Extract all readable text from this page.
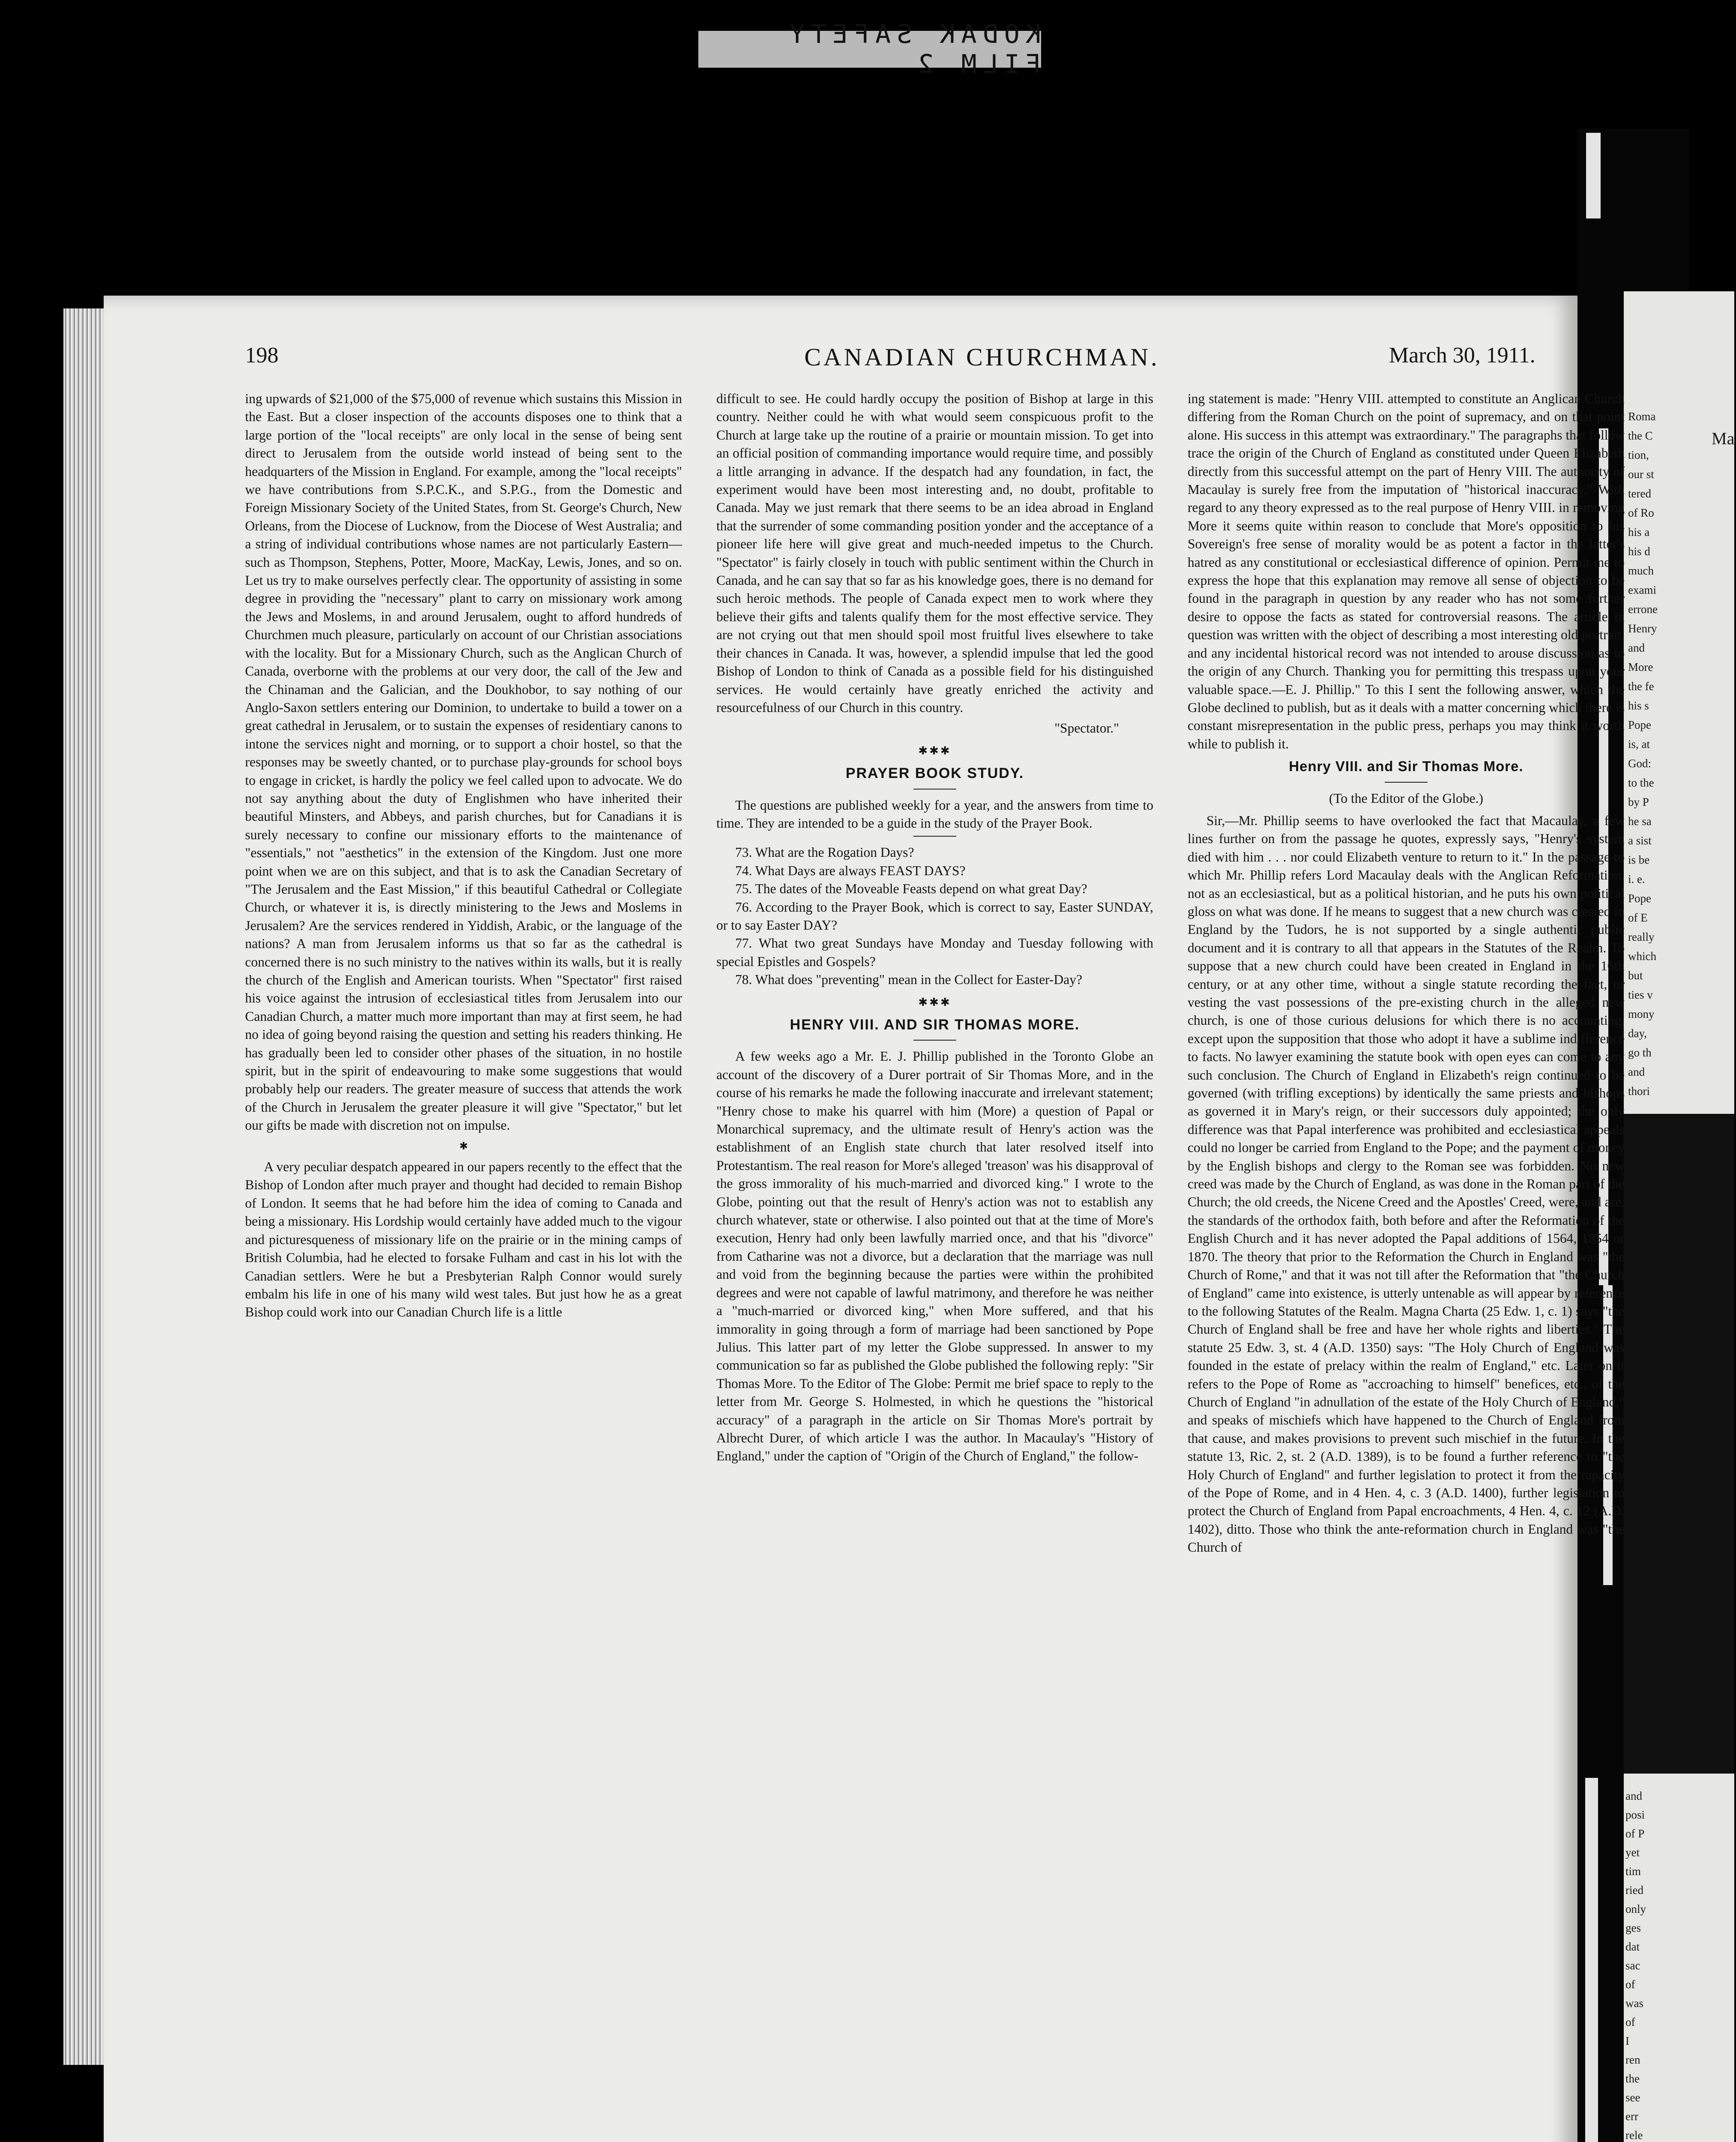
KODAK SAFETY FILM 2
Roma
the C
tion,
our st
tered
of Ro
his a
his d
much
exami
errone
Henry
and
More
the fe
his s
Pope
is, at
God:
to the
by P
he sa
a sist
is be
i. e.
Pope
of E
really
which
but
ties v
mony
day,
go th
and
thori
and
posi
of P
yet
tim
ried
only
ges
dat
sac
of
was
of
I
ren
the
see
err
rele
Ma
198	CANADIAN CHURCHMAN.	March 30, 1911.

ing upwards of $21,000 of the $75,000 of revenue which sustains this Mission in the East. But a closer inspection of the accounts disposes one to think that a large portion of the "local receipts" are only local in the sense of being sent direct to Jerusalem from the outside world instead of being sent to the headquarters of the Mission in England. For example, among the "local receipts" we have contributions from S.P.C.K., and S.P.G., from the Domestic and Foreign Missionary Society of the United States, from St. George's Church, New Orleans, from the Diocese of Lucknow, from the Diocese of West Australia; and a string of individual contributions whose names are not particularly Eastern—such as Thompson, Stephens, Potter, Moore, MacKay, Lewis, Jones, and so on. Let us try to make ourselves perfectly clear. The opportunity of assisting in some degree in providing the "necessary" plant to carry on missionary work among the Jews and Moslems, in and around Jerusalem, ought to afford hundreds of Churchmen much pleasure, particularly on account of our Christian associations with the locality. But for a Missionary Church, such as the Anglican Church of Canada, overborne with the problems at our very door, the call of the Jew and the Chinaman and the Galician, and the Doukhobor, to say nothing of our Anglo-Saxon settlers entering our Dominion, to undertake to build a tower on a great cathedral in Jerusalem, or to sustain the expenses of residentiary canons to intone the services night and morning, or to support a choir hostel, so that the responses may be sweetly chanted, or to purchase play-grounds for school boys to engage in cricket, is hardly the policy we feel called upon to advocate. We do not say anything about the duty of Englishmen who have inherited their beautiful Minsters, and Abbeys, and parish churches, but for Canadians it is surely necessary to confine our missionary efforts to the maintenance of "essentials," not "aesthetics" in the extension of the Kingdom. Just one more point when we are on this subject, and that is to ask the Canadian Secretary of "The Jerusalem and the East Mission," if this beautiful Cathedral or Collegiate Church, or whatever it is, is directly ministering to the Jews and Moslems in Jerusalem? Are the services rendered in Yiddish, Arabic, or the language of the nations? A man from Jerusalem informs us that so far as the cathedral is concerned there is no such ministry to the natives within its walls, but it is really the church of the English and American tourists. When "Spectator" first raised his voice against the intrusion of ecclesiastical titles from Jerusalem into our Canadian Church, a matter much more important than may at first seem, he had no idea of going beyond raising the question and setting his readers thinking. He has gradually been led to consider other phases of the situation, in no hostile spirit, but in the spirit of endeavouring to make some suggestions that would probably help our readers. The greater measure of success that attends the work of the Church in Jerusalem the greater pleasure it will give "Spectator," but let our gifts be made with discretion not on impulse.

✱

A very peculiar despatch appeared in our papers recently to the effect that the Bishop of London after much prayer and thought had decided to remain Bishop of London. It seems that he had before him the idea of coming to Canada and being a missionary. His Lordship would certainly have added much to the vigour and picturesqueness of missionary life on the prairie or in the mining camps of British Columbia, had he elected to forsake Fulham and cast in his lot with the Canadian settlers. Were he but a Presbyterian Ralph Connor would surely embalm his life in one of his many wild west tales. But just how he as a great Bishop could work into our Canadian Church life is a little

difficult to see. He could hardly occupy the position of Bishop at large in this country. Neither could he with what would seem conspicuous profit to the Church at large take up the routine of a prairie or mountain mission. To get into an official position of commanding importance would require time, and possibly a little arranging in advance. If the despatch had any foundation, in fact, the experiment would have been most interesting and, no doubt, profitable to Canada. May we just remark that there seems to be an idea abroad in England that the surrender of some commanding position yonder and the acceptance of a pioneer life here will give great and much-needed impetus to the Church. "Spectator" is fairly closely in touch with public sentiment within the Church in Canada, and he can say that so far as his knowledge goes, there is no demand for such heroic methods. The people of Canada expect men to work where they believe their gifts and talents qualify them for the most effective service. They are not crying out that men should spoil most fruitful lives elsewhere to take their chances in Canada. It was, however, a splendid impulse that led the good Bishop of London to think of Canada as a possible field for his distinguished services. He would certainly have greatly enriched the activity and resourcefulness of our Church in this country.

"Spectator."
✱✱✱
PRAYER BOOK STUDY.

The questions are published weekly for a year, and the answers from time to time. They are intended to be a guide in the study of the Prayer Book.

73. What are the Rogation Days?

74. What Days are always FEAST DAYS?

75. The dates of the Moveable Feasts depend on what great Day?

76. According to the Prayer Book, which is correct to say, Easter SUNDAY, or to say Easter DAY?

77. What two great Sundays have Monday and Tuesday following with special Epistles and Gospels?

78. What does "preventing" mean in the Collect for Easter-Day?

✱✱✱
HENRY VIII. AND SIR THOMAS MORE.

A few weeks ago a Mr. E. J. Phillip published in the Toronto Globe an account of the discovery of a Durer portrait of Sir Thomas More, and in the course of his remarks he made the following inaccurate and irrelevant statement; "Henry chose to make his quarrel with him (More) a question of Papal or Monarchical supremacy, and the ultimate result of Henry's action was the establishment of an English state church that later resolved itself into Protestantism. The real reason for More's alleged 'treason' was his disapproval of the gross immorality of his much-married and divorced king." I wrote to the Globe, pointing out that the result of Henry's action was not to establish any church whatever, state or otherwise. I also pointed out that at the time of More's execution, Henry had only been lawfully married once, and that his "divorce" from Catharine was not a divorce, but a declaration that the marriage was null and void from the beginning because the parties were within the prohibited degrees and were not capable of lawful matrimony, and therefore he was neither a "much-married or divorced king," when More suffered, and that his immorality in going through a form of marriage had been sanctioned by Pope Julius. This latter part of my letter the Globe suppressed. In answer to my communication so far as published the Globe published the following reply: "Sir Thomas More. To the Editor of The Globe: Permit me brief space to reply to the letter from Mr. George S. Holmested, in which he questions the "historical accuracy" of a paragraph in the article on Sir Thomas More's portrait by Albrecht Durer, of which article I was the author. In Macaulay's "History of England," under the caption of "Origin of the Church of England," the follow-

ing statement is made: "Henry VIII. attempted to constitute an Anglican Church differing from the Roman Church on the point of supremacy, and on that point alone. His success in this attempt was extraordinary." The paragraphs that follow trace the origin of the Church of England as constituted under Queen Elizabeth directly from this successful attempt on the part of Henry VIII. The authority of Macaulay is surely free from the imputation of "historical inaccuracy." With regard to any theory expressed as to the real purpose of Henry VIII. in removing More it seems quite within reason to conclude that More's opposition to his Sovereign's free sense of morality would be as potent a factor in the latter's hatred as any constitutional or ecclesiastical difference of opinion. Permit me to express the hope that this explanation may remove all sense of objection to be found in the paragraph in question by any reader who has not some further desire to oppose the facts as stated for controversial reasons. The article in question was written with the object of describing a most interesting old portrait, and any incidental historical record was not intended to arouse discussion as to the origin of any Church. Thanking you for permitting this trespass upon your valuable space.—E. J. Phillip." To this I sent the following answer, which the Globe declined to publish, but as it deals with a matter concerning which there is constant misrepresentation in the public press, perhaps you may think it worth while to publish it.

Henry VIII. and Sir Thomas More.
(To the Editor of the Globe.)

Sir,—Mr. Phillip seems to have overlooked the fact that Macaulay, a few lines further on from the passage he quotes, expressly says, "Henry's system died with him . . . nor could Elizabeth venture to return to it." In the passage to which Mr. Phillip refers Lord Macaulay deals with the Anglican Reformation, not as an ecclesiastical, but as a political historian, and he puts his own political gloss on what was done. If he means to suggest that a new church was created in England by the Tudors, he is not supported by a single authentic public document and it is contrary to all that appears in the Statutes of the Realm. To suppose that a new church could have been created in England in the 16th century, or at any other time, without a single statute recording the fact, or vesting the vast possessions of the pre-existing church in the alleged new church, is one of those curious delusions for which there is no accounting, except upon the supposition that those who adopt it have a sublime indifference to facts. No lawyer examining the statute book with open eyes can come to any such conclusion. The Church of England in Elizabeth's reign continued to be governed (with trifling exceptions) by identically the same priests and bishops as governed it in Mary's reign, or their successors duly appointed; the only difference was that Papal interference was prohibited and ecclesiastical appeals could no longer be carried from England to the Pope; and the payment of money by the English bishops and clergy to the Roman see was forbidden. No new creed was made by the Church of England, as was done in the Roman part of the Church; the old creeds, the Nicene Creed and the Apostles' Creed, were, and are, the standards of the orthodox faith, both before and after the Reformation of the English Church and it has never adopted the Papal additions of 1564, 1854 or 1870. The theory that prior to the Reformation the Church in England was "the Church of Rome," and that it was not till after the Reformation that "the Church of England" came into existence, is utterly untenable as will appear by reference to the following Statutes of the Realm. Magna Charta (25 Edw. 1, c. 1) says "the Church of England shall be free and have her whole rights and liberties." The statute 25 Edw. 3, st. 4 (A.D. 1350) says: "The Holy Church of England was founded in the estate of prelacy within the realm of England," etc. Later on it refers to the Pope of Rome as "accroaching to himself" benefices, etc., of the Church of England "in adnullation of the estate of the Holy Church of England," and speaks of mischiefs which have happened to the Church of England from that cause, and makes provisions to prevent such mischief in the future. In the statute 13, Ric. 2, st. 2 (A.D. 1389), is to be found a further reference to "the Holy Church of England" and further legislation to protect it from the rapacity of the Pope of Rome, and in 4 Hen. 4, c. 3 (A.D. 1400), further legislation to protect the Church of England from Papal encroachments, 4 Hen. 4, c. 12 (A.D. 1402), ditto. Those who think the ante-reformation church in England was "the Church of
